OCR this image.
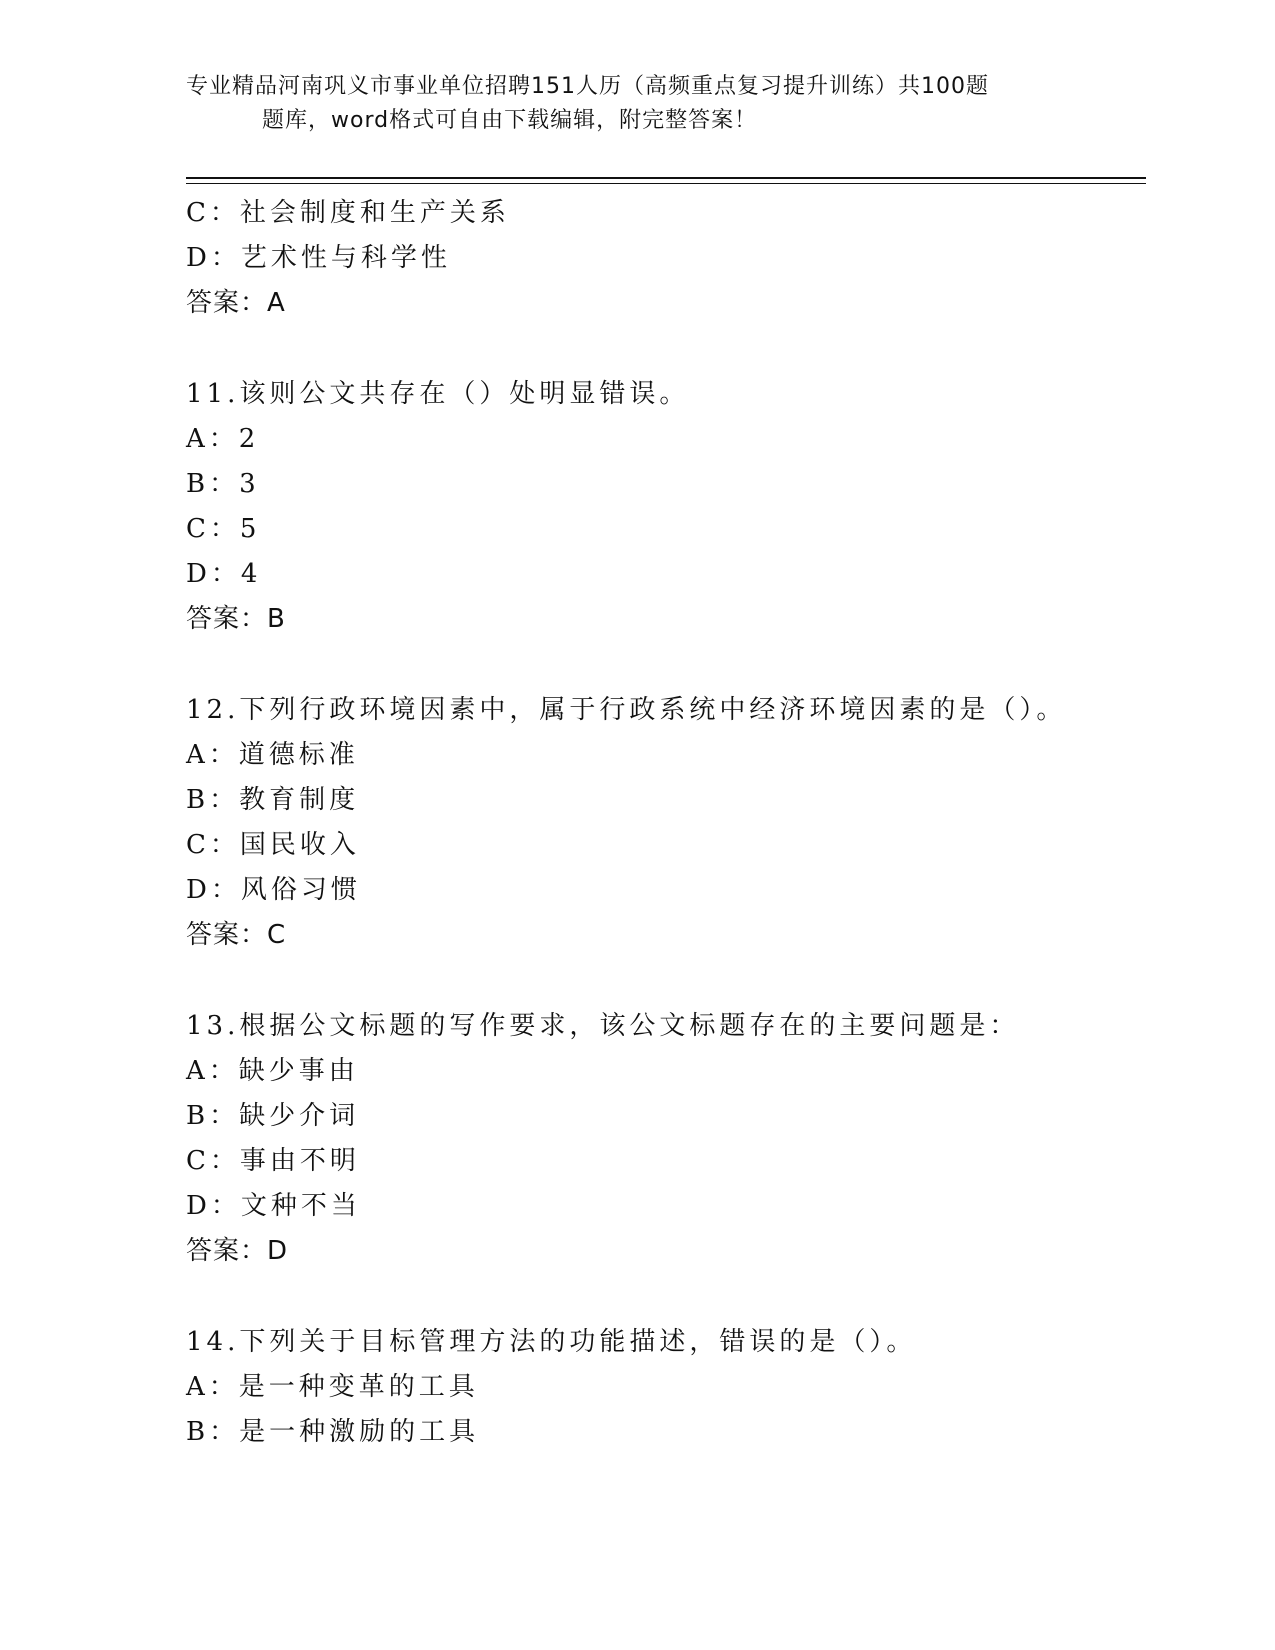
专业精品河南巩义市事业单位招聘151人历（高频重点复习提升训练）共100题
题库，word格式可自由下载编辑，附完整答案！
C：社会制度和生产关系
D：艺术性与科学性
答案：A
11.该则公文共存在（）处明显错误。
A：2
B：3
C：5
D：4
答案：B
12.下列行政环境因素中，属于行政系统中经济环境因素的是（）。
A：道德标准
B：教育制度
C：国民收入
D：风俗习惯
答案：C
13.根据公文标题的写作要求，该公文标题存在的主要问题是：
A：缺少事由
B：缺少介词
C：事由不明
D：文种不当
答案：D
14.下列关于目标管理方法的功能描述，错误的是（）。
A：是一种变革的工具
B：是一种激励的工具
